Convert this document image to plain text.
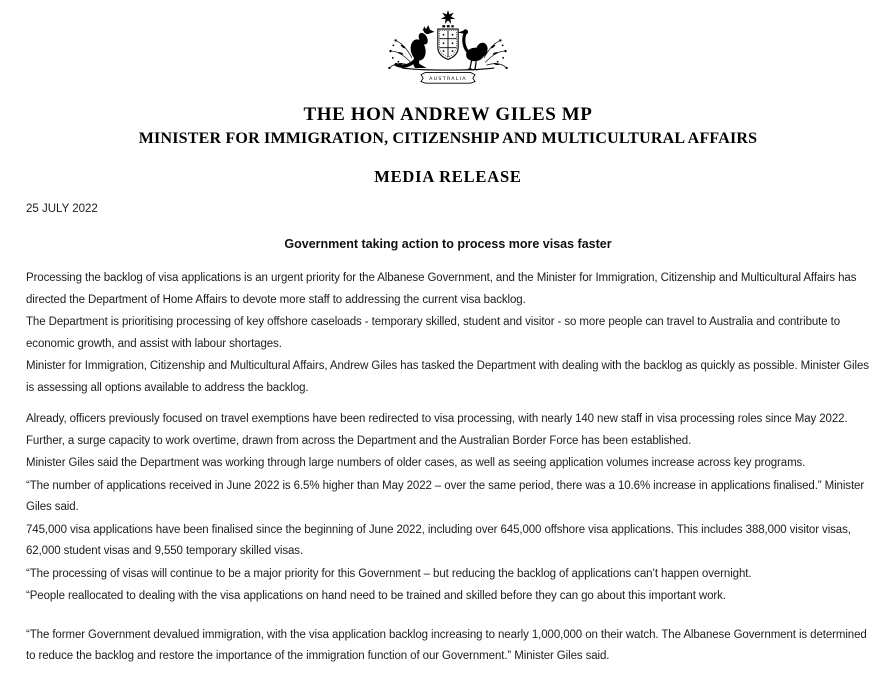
AUSTRALIA
THE HON ANDREW GILES MP
MINISTER FOR IMMIGRATION, CITIZENSHIP AND MULTICULTURAL AFFAIRS
MEDIA RELEASE
25 JULY 2022
Government taking action to process more visas faster

Processing the backlog of visa applications is an urgent priority for the Albanese Government, and the Minister for Immigration, Citizenship and Multicultural Affairs has directed the Department of Home Affairs to devote more staff to addressing the current visa backlog.

The Department is prioritising processing of key offshore caseloads - temporary skilled, student and visitor - so more people can travel to Australia and contribute to economic growth, and assist with labour shortages.

Minister for Immigration, Citizenship and Multicultural Affairs, Andrew Giles has tasked the Department with dealing with the backlog as quickly as possible. Minister Giles is assessing all options available to address the backlog.

Already, officers previously focused on travel exemptions have been redirected to visa processing, with nearly 140 new staff in visa processing roles since May 2022. Further, a surge capacity to work overtime, drawn from across the Department and the Australian Border Force has been established.

Minister Giles said the Department was working through large numbers of older cases, as well as seeing application volumes increase across key programs.

“The number of applications received in June 2022 is 6.5% higher than May 2022 – over the same period, there was a 10.6% increase in applications finalised.” Minister Giles said.

745,000 visa applications have been finalised since the beginning of June 2022, including over 645,000 offshore visa applications. This includes 388,000 visitor visas, 62,000 student visas and 9,550 temporary skilled visas.

“The processing of visas will continue to be a major priority for this Government – but reducing the backlog of applications can’t happen overnight.

“People reallocated to dealing with the visa applications on hand need to be trained and skilled before they can go about this important work.

“The former Government devalued immigration, with the visa application backlog increasing to nearly 1,000,000 on their watch. The Albanese Government is determined to reduce the backlog and restore the importance of the immigration function of our Government.” Minister Giles said.
